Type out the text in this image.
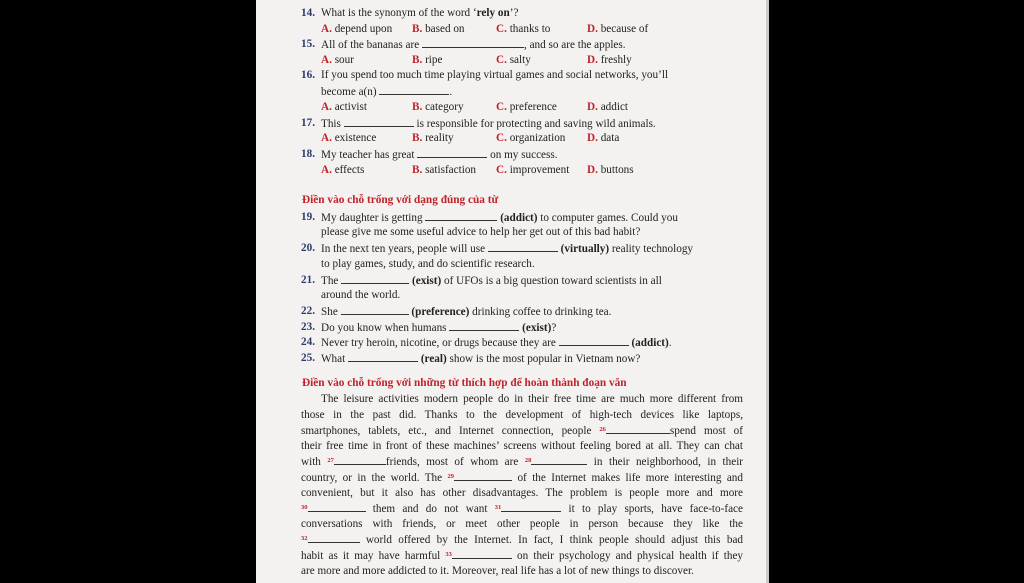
14. What is the synonym of the word ‘rely on’?
A. depend upon B. based on	C. thanks to	D. because of
15. All of the bananas are	, and so are the apples.
A. sour	B. ripe	C. salty	D. freshly
16. If you spend too much time playing virtual games and social networks, you’ll
become a(n)	.
A. activist	B. category	C. preference	D. addict
17. This	is responsible for protecting and saving wild animals.
A. existence	B. reality	C. organization D. data
18. My teacher has great	on my success.
A. effects	B. satisfaction C. improvement D. buttons
Điền vào chỗ trống với dạng đúng của từ
19. My daughter is getting	(addict) to computer games. Could you
please give me some useful advice to help her get out of this bad habit?
20. In the next ten years, people will use	(virtually) reality technology
to play games, study, and do scientific research.
21. The	(exist) of UFOs is a big question toward scientists in all
around the world.
22. She	(preference) drinking coffee to drinking tea.
23. Do you know when humans	(exist)?
24. Never try heroin, nicotine, or drugs because they are	(addict).
25. What	(real) show is the most popular in Vietnam now?
Điền vào chỗ trống với những từ thích hợp để hoàn thành đoạn văn
The leisure activities modern people do in their free time are much more different from
those in the past did. Thanks to the development of high-tech devices like laptops,
smartphones, tablets, etc., and Internet connection, people $^{26}$	spend most of
their free time in front of these machines’ screens without feeling bored at all. They can chat
with $^{27}$	friends, most of whom are $^{28}$	in their neighborhood, in their
country, or in the world. The $^{29}$	of the Internet makes life more interesting and
convenient, but it also has other disadvantages. The problem is people more and more
$^{30}$	them and do not want $^{31}$	it to play sports, have face-to-face
conversations with friends, or meet other people in person because they like the
$^{32}$	world offered by the Internet. In fact, I think people should adjust this bad
habit as it may have harmful $^{33}$	on their psychology and physical health if they
are more and more addicted to it. Moreover, real life has a lot of new things to discover.
